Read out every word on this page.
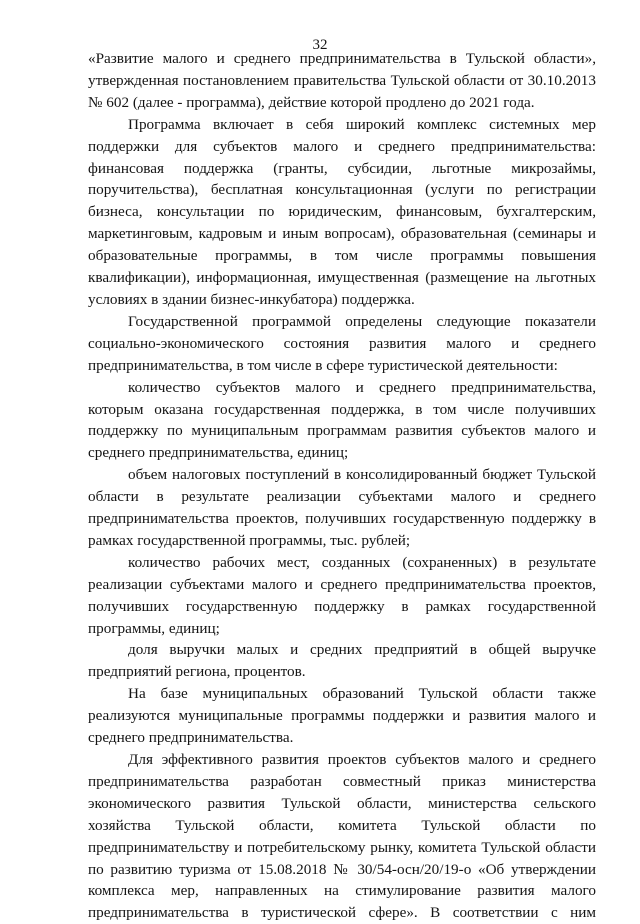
32

«Развитие малого и среднего предпринимательства в Тульской области», утвержденная постановлением правительства Тульской области от 30.10.2013 № 602 (далее - программа), действие которой продлено до 2021 года.

Программа включает в себя широкий комплекс системных мер поддержки для субъектов малого и среднего предпринимательства: финансовая поддержка (гранты, субсидии, льготные микрозаймы, поручительства), бесплатная консультационная (услуги по регистрации бизнеса, консультации по юридическим, финансовым, бухгалтерским, маркетинговым, кадровым и иным вопросам), образовательная (семинары и образовательные программы, в том числе программы повышения квалификации), информационная, имущественная (размещение на льготных условиях в здании бизнес-инкубатора) поддержка.

Государственной программой определены следующие показатели социально-экономического состояния развития малого и среднего предпринимательства, в том числе в сфере туристической деятельности:

количество субъектов малого и среднего предпринимательства, которым оказана государственная поддержка, в том числе получивших поддержку по муниципальным программам развития субъектов малого и среднего предпринимательства, единиц;

объем налоговых поступлений в консолидированный бюджет Тульской области в результате реализации субъектами малого и среднего предпринимательства проектов, получивших государственную поддержку в рамках государственной программы, тыс. рублей;

количество рабочих мест, созданных (сохраненных) в результате реализации субъектами малого и среднего предпринимательства проектов, получивших государственную поддержку в рамках государственной программы, единиц;

доля выручки малых и средних предприятий в общей выручке предприятий региона, процентов.

На базе муниципальных образований Тульской области также реализуются муниципальные программы поддержки и развития малого и среднего предпринимательства.

Для эффективного развития проектов субъектов малого и среднего предпринимательства разработан совместный приказ министерства экономического развития Тульской области, министерства сельского хозяйства Тульской области, комитета Тульской области по предпринимательству и потребительскому рынку, комитета Тульской области по развитию туризма от 15.08.2018 № 30/54-осн/20/19-о «Об утверждении комплекса мер, направленных на стимулирование развития малого предпринимательства в туристической сфере». В соответствии с ним
